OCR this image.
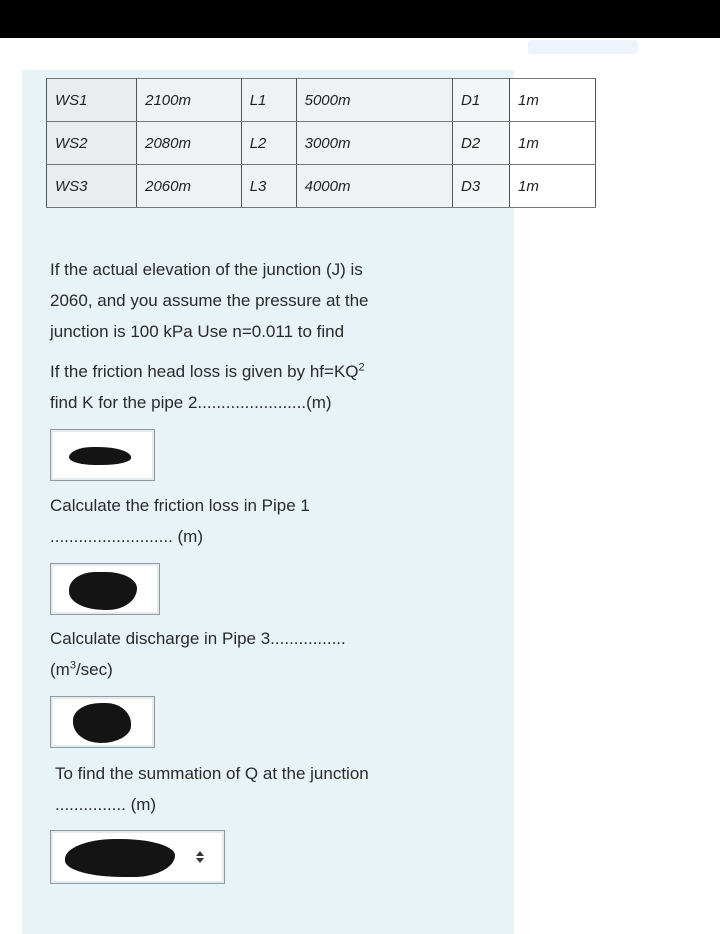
WS1	2100m	L1	5000m	D1	1m
WS2	2080m	L2	3000m	D2	1m
WS3	2060m	L3	4000m	D3	1m
If the actual elevation of the junction (J) is
2060, and you assume the pressure at the
junction is 100 kPa Use n=0.011 to find
If the friction head loss is given by $hf=KQ^2$
find K for the pipe 2.......................(m)
Calculate the friction loss in Pipe 1
.......................... (m)
Calculate discharge in Pipe 3................
$(m^3/\sec)$
To find the summation of Q at the junction
............... (m)
